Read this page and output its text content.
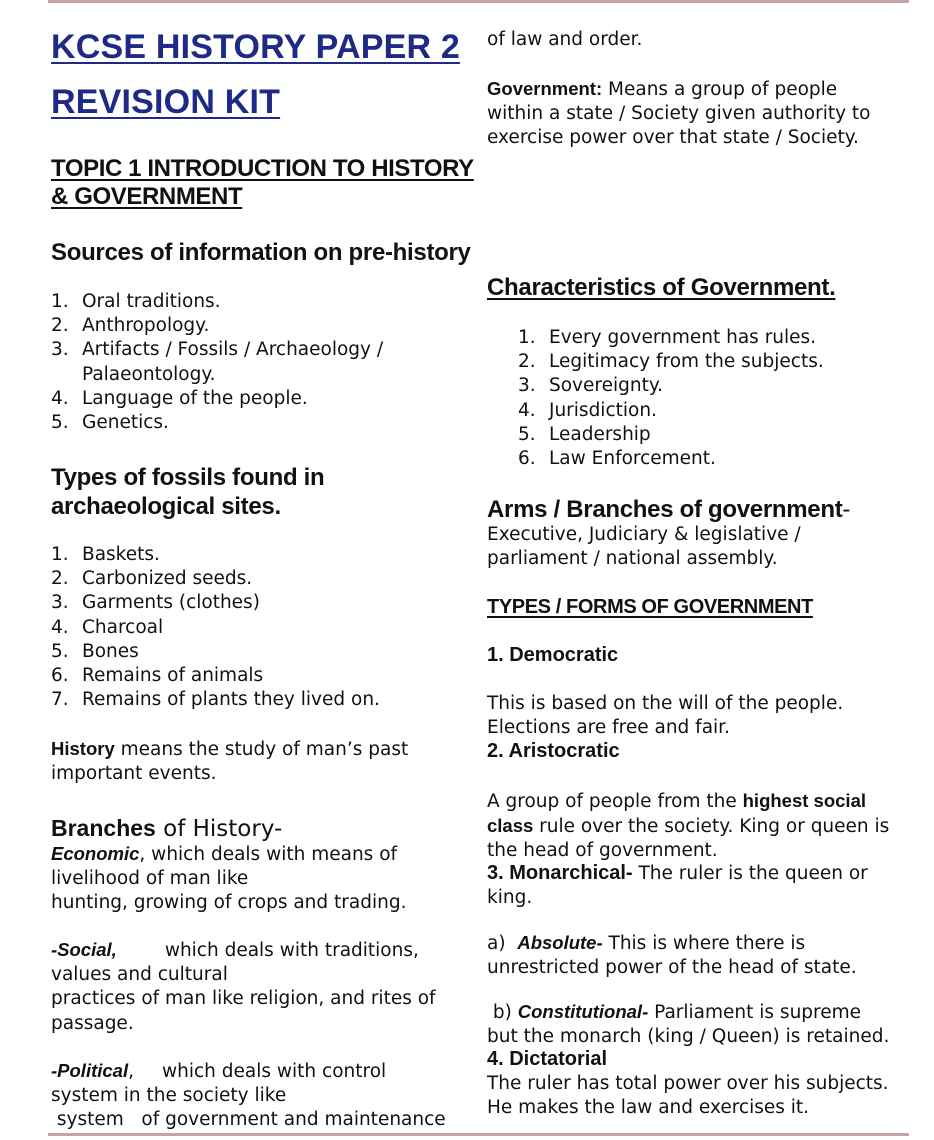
KCSE HISTORY PAPER 2
REVISION KIT
TOPIC 1 INTRODUCTION TO HISTORY
& GOVERNMENT
Sources of information on pre-history
1. Oral traditions.
2. Anthropology.
3. Artifacts / Fossils / Archaeology /
Palaeontology.
4. Language of the people.
5. Genetics.
Types of fossils found in
archaeological sites.
1. Baskets.
2. Carbonized seeds.
3. Garments (clothes)
4. Charcoal
5. Bones
6. Remains of animals
7. Remains of plants they lived on.
History means the study of man’s past
important events.
Branches of History-
Economic, which deals with means of
livelihood of man like
hunting, growing of crops and trading.
-Social,	which deals with traditions,
values and cultural
practices of man like religion, and rites of
passage.
-Political, which deals with control
system in the society like
system   of government and maintenance
of law and order.
Government: Means a group of people
within a state / Society given authority to
exercise power over that state / Society.
Characteristics of Government.
1. Every government has rules.
2. Legitimacy from the subjects.
3. Sovereignty.
4. Jurisdiction.
5. Leadership
6. Law Enforcement.
Arms / Branches of government-
Executive, Judiciary & legislative /
parliament / national assembly.
TYPES / FORMS OF GOVERNMENT
1. Democratic
This is based on the will of the people.
Elections are free and fair.
2. Aristocratic
A group of people from the highest social
class rule over the society. King or queen is
the head of government.
3. Monarchical- The ruler is the queen or
king.
a)  Absolute- This is where there is
unrestricted power of the head of state.
b) Constitutional- Parliament is supreme
but the monarch (king / Queen) is retained.
4. Dictatorial
The ruler has total power over his subjects.
He makes the law and exercises it.
